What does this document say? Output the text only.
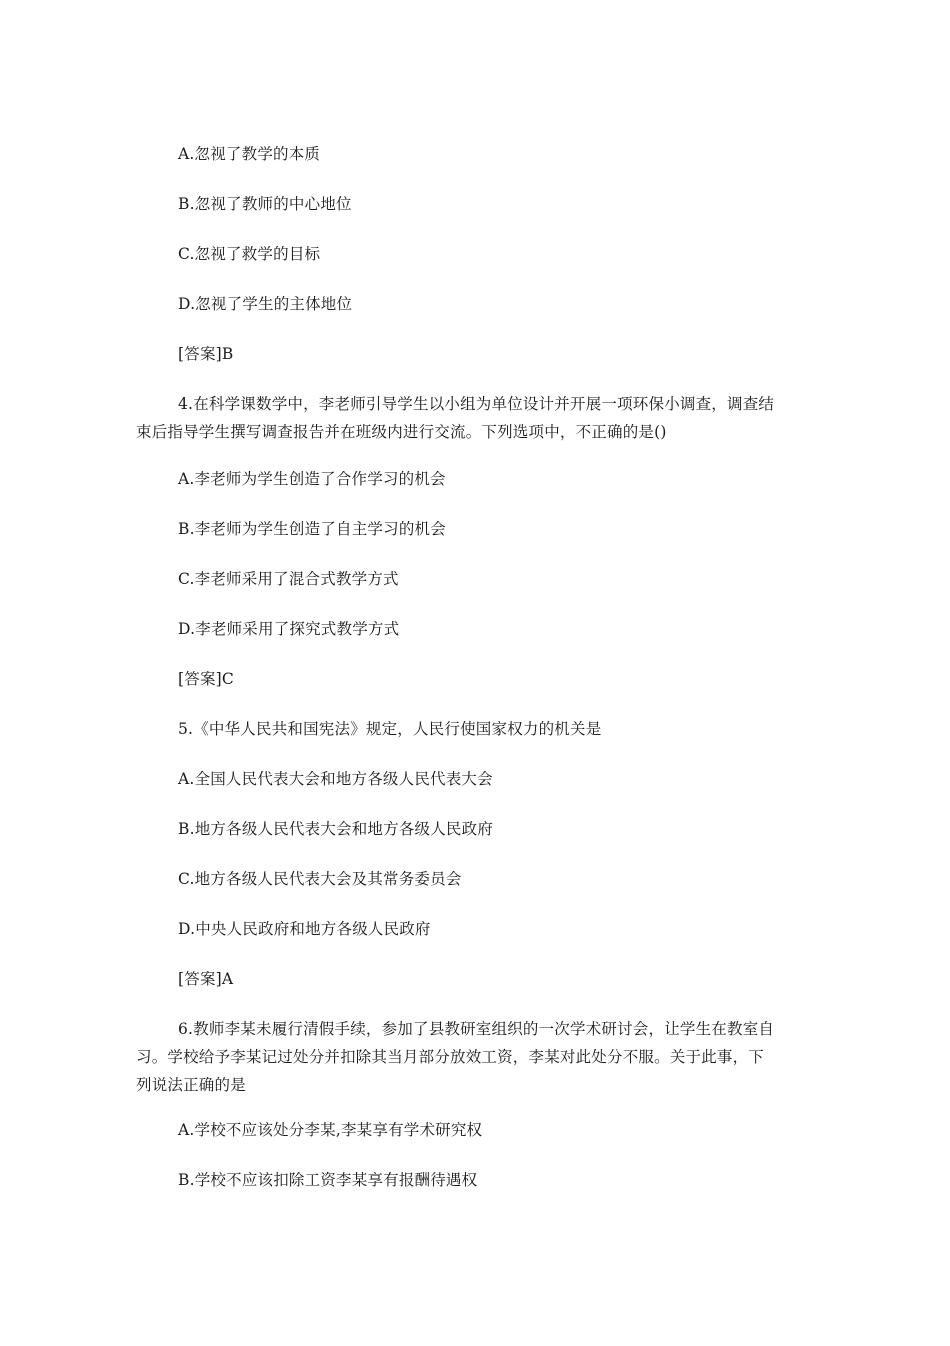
A.忽视了教学的本质
B.忽视了教师的中心地位
C.忽视了救学的目标
D.忽视了学生的主体地位
[答案]B
4.在科学课数学中，李老师引导学生以小组为单位设计并开展一项环保小调查，调查结
束后指导学生撰写调查报告并在班级内进行交流。下列选项中，不正确的是()
A.李老师为学生创造了合作学习的机会
B.李老师为学生创造了自主学习的机会
C.李老师采用了混合式教学方式
D.李老师采用了探究式教学方式
[答案]C
5.《中华人民共和国宪法》规定，人民行使国家权力的机关是
A.全国人民代表大会和地方各级人民代表大会
B.地方各级人民代表大会和地方各级人民政府
C.地方各级人民代表大会及其常务委员会
D.中央人民政府和地方各级人民政府
[答案]A
6.教师李某未履行清假手续，参加了县教研室组织的一次学术研讨会，让学生在教室自
习。学校给予李某记过处分并扣除其当月部分放效工资，李某对此处分不服。关于此事，下
列说法正确的是
A.学校不应该处分李某,李某享有学术研究权
B.学校不应该扣除工资李某享有报酬待遇权
